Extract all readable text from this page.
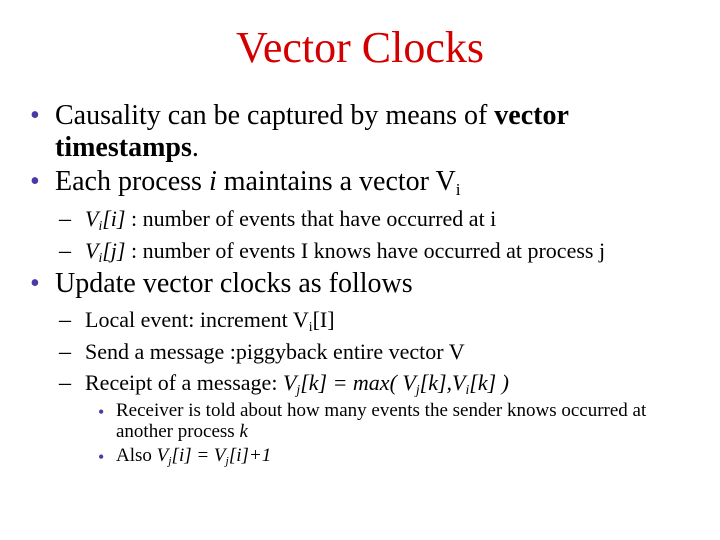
Vector Clocks
• Causality can be captured by means of vector
timestamps.
• Each process i maintains a vector $V_i$
– Vi[i] : number of events that have occurred at i
– Vi[j] : number of events I knows have occurred at process j
• Update vector clocks as follows
– Local event: increment $V_i[I]$
– Send a message :piggyback entire vector V
– Receipt of a message: $V_j[k] = \max$( $V_j[k],V_i[k]$ )
• Receiver is told about how many events the sender knows occurred at
another process k
• Also $V_j[i] = V_j[i]+1$
